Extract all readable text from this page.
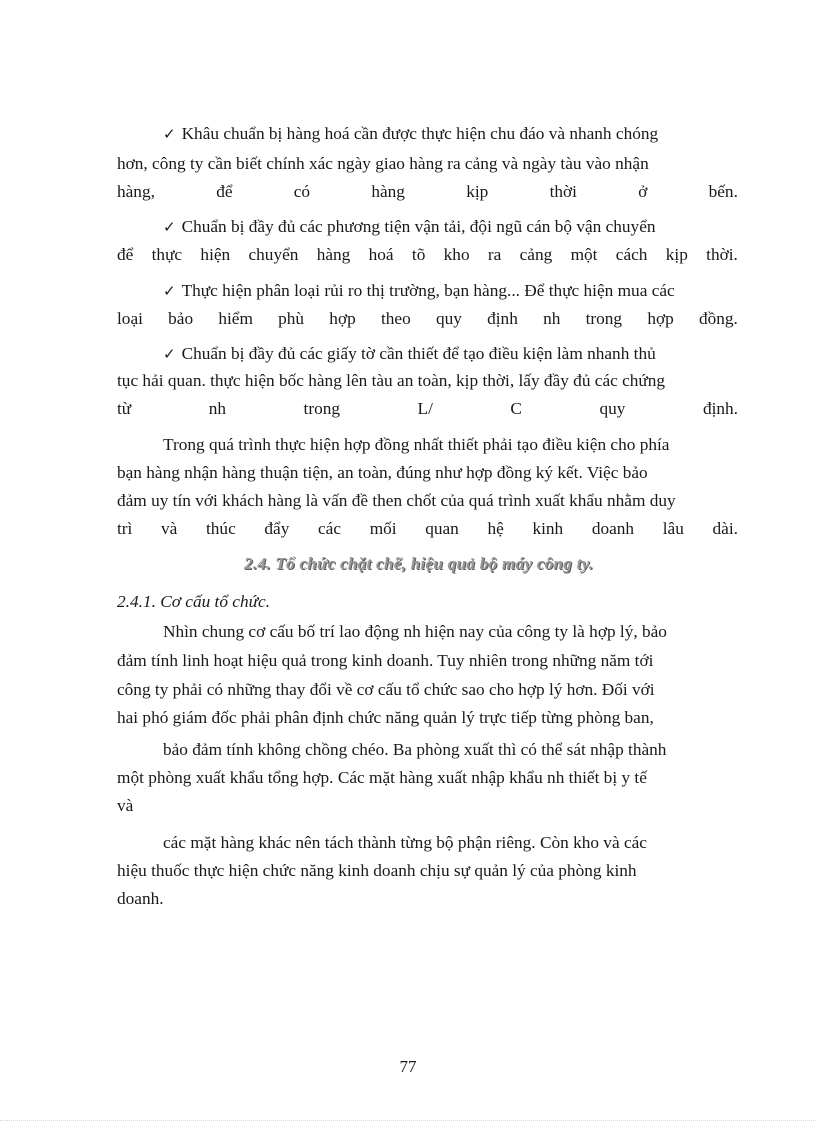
✓ Khâu chuẩn bị hàng hoá cần được thực hiện chu đáo và nhanh chóng
hơn, công ty cần biết chính xác ngày giao hàng ra cảng và ngày tàu vào nhận
hàng,	để	có	hàng	kịp	thời	ở	bến.
✓ Chuẩn bị đầy đủ các phương tiện vận tải, đội ngũ cán bộ vận chuyển
để thực hiện chuyển hàng hoá tõ kho ra cảng một cách kịp thời.
✓ Thực hiện phân loại rủi ro thị trường, bạn hàng... Để thực hiện mua các
loại bảo hiểm phù hợp theo quy định nh trong hợp đồng.
✓ Chuẩn bị đầy đủ các giấy tờ cần thiết để tạo điều kiện làm nhanh thủ
tục hải quan. thực hiện bốc hàng lên tàu an toàn, kịp thời, lấy đầy đủ các chứng
từ	nh	trong	L/	C	quy	định.
Trong quá trình thực hiện hợp đồng nhất thiết phải tạo điều kiện cho phía
bạn hàng nhận hàng thuận tiện, an toàn, đúng như hợp đồng ký kết. Việc bảo
đảm uy tín với khách hàng là vấn đề then chốt của quá trình xuất khẩu nhằm duy
trì và thúc đẩy các mối quan hệ kinh doanh lâu dài.
2.4. Tổ chức chặt chẽ, hiệu quả bộ máy công ty.
2.4.1. Cơ cấu tổ chức.
Nhìn chung cơ cấu bố trí lao động nh hiện nay của công ty là hợp lý, bảo
đảm tính linh hoạt hiệu quả trong kinh doanh. Tuy nhiên trong những năm tới
công ty phải có những thay đổi về cơ cấu tổ chức sao cho hợp lý hơn. Đối với
hai phó giám đốc phải phân định chức năng quản lý trực tiếp từng phòng ban,
bảo đảm tính không chồng chéo. Ba phòng xuất thì có thể sát nhập thành
một phòng xuất khẩu tổng hợp. Các mặt hàng xuất nhập khẩu nh thiết bị y tế
và
các mặt hàng khác nên tách thành từng bộ phận riêng. Còn kho và các
hiệu thuốc thực hiện chức năng kinh doanh chịu sự quản lý của phòng kinh
doanh.
77
